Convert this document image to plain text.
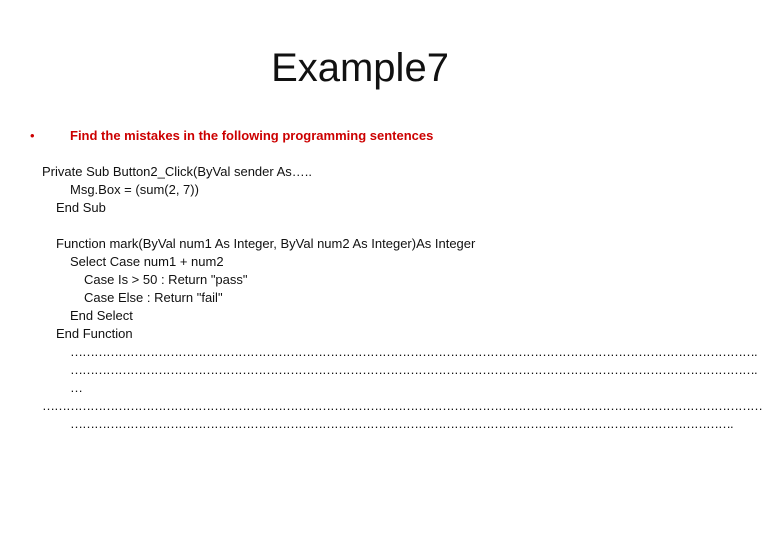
Example7
•	Find the mistakes in the following programming sentences
Private Sub Button2_Click(ByVal sender As…..
Msg.Box = (sum(2, 7))
End Sub
Function mark(ByVal num1 As Integer, ByVal num2 As Integer)As Integer
Select Case num1 + num2
Case Is > 50 : Return "pass"
Case Else : Return "fail"
End Select
End Function
……………………………………………………………………………………………………………………………………………………….
……………………………………………………………………………………………………………………………………………………….
…
………………………………………………………………………………………………………………………………………………………………
………………………………………………………………………………………………………………………………………………….
